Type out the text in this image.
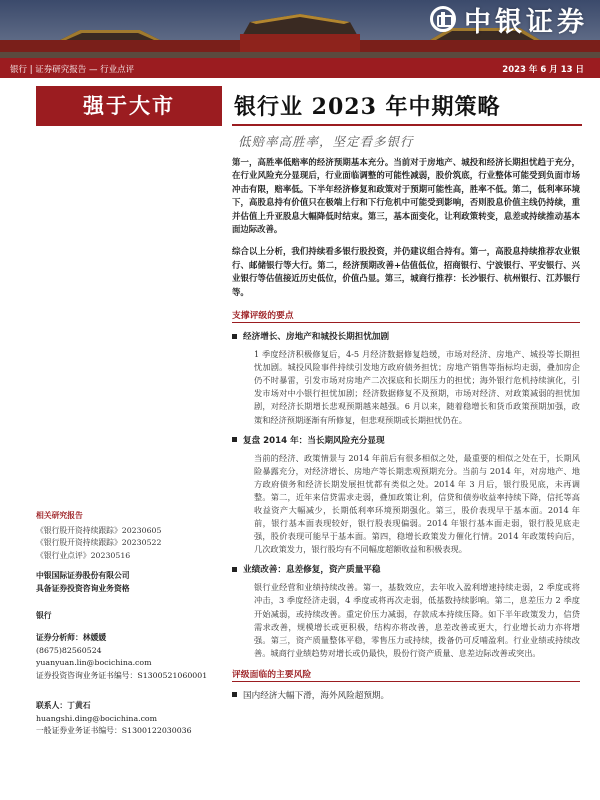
中银证券
银行 | 证券研究报告 — 行业点评	2023 年 6 月 13 日
强于大市
相关研究报告
《银行股开资持续跟踪》20230605
《银行股开资持续跟踪》20230522
《银行业点评》20230516
中银国际证券股份有限公司
具备证券投资咨询业务资格
银行
证券分析师：林媛媛
(8675)82560524
yuanyuan.lin@bocichina.com
证券投资咨询业务证书编号：S1300521060001
联系人：丁黄石
huangshi.ding@bocichina.com
一般证券业务证书编号：S1300122030036
银行业 2023 年中期策略
低赔率高胜率，坚定看多银行

第一，高胜率低赔率的经济预期基本充分。当前对于房地产、城投和经济长期担忧趋于充分，在行业风险充分显现后，行业面临调整的可能性减弱，股价筑底，行业整体可能受到负面市场冲击有限，赔率低。下半年经济修复和政策对于预期可能性高，胜率不低。第二，低利率环境下，高股息持有价值只在极端上行和下行危机中可能受到影响，否则股息价值主线仍持续，重并估值上升亚股息大幅降低时结束。第三，基本面变化，让利政策转变，息差或持续推动基本面边际改善。

综合以上分析，我们持续看多银行股投资，并仍建议组合持有。第一，高股息持续推荐农业银行、邮储银行等大行。第二，经济预期改善+估值低位，招商银行、宁波银行、平安银行、兴业银行等估值接近历史低位，价值凸显。第三，城商行推荐：长沙银行、杭州银行、江苏银行等。

支撑评级的要点
经济增长、房地产和城投长期担忧加剧

1 季度经济积极修复后，4-5 月经济数据修复趋缓，市场对经济、房地产、城投等长期担忧加剧。城投风险事件持续引发地方政府债务担忧；房地产销售等指标均走弱，叠加房企仍不时暴雷，引发市场对房地产二次探底和长期压力的担忧；海外银行危机持续演化，引发市场对中小银行担忧加剧；经济数据修复不及预期，市场对经济、对政策减弱的担忧加剧，对经济长期增长悲观预期越来越强。6 月以来，随着稳增长和货币政策预期加强，政策和经济预期逐渐有所修复，但悲观预期或长期担忧仍在。

复盘 2014 年：当长期风险充分显现

当前的经济、政策情景与 2014 年前后有很多相似之处，最重要的相似之处在于，长期风险暴露充分，对经济增长、房地产等长期悲观预期充分。当前与 2014 年，对房地产、地方政府债务和经济长期发展担忧都有类似之处。2014 年 3 月后，银行股见底，未再调整。第二，近年来信贷需求走弱，叠加政策让利，信贷和债券收益率持续下降，信托等高收益资产大幅减少，长期低利率环境预期强化。第三，股价表现早于基本面。2014 年前，银行基本面表现较好，银行股表现偏弱。2014 年银行基本面走弱，银行股见底走强，股价表现可能早于基本面。第四，稳增长政策发力催化行情。2014 年政策转向后，几次政策发力，银行股均有不同幅度超额收益和积极表现。

业绩改善：息差修复，资产质量平稳

银行业经营和业绩持续改善。第一，基数效应，去年收入盈利增速持续走弱，2 季度或将冲击，3 季度经济走弱，4 季度或将再次走弱，低基数持续影响。第二，息差压力 2 季度开始减弱，或持续改善。重定价压力减弱，存款成本持续压降。如下半年政策发力，信贷需求改善，规模增长或更积极，结构亦将改善，息差改善或更大，行业增长动力亦将增强。第三，资产质量整体平稳，零售压力或持续，拨备仍可反哺盈利。行业业绩或持续改善。城商行业绩趋势对增长或仍最快，股份行资产质量、息差边际改善或突出。

评级面临的主要风险
国内经济大幅下滑，海外风险超预期。
